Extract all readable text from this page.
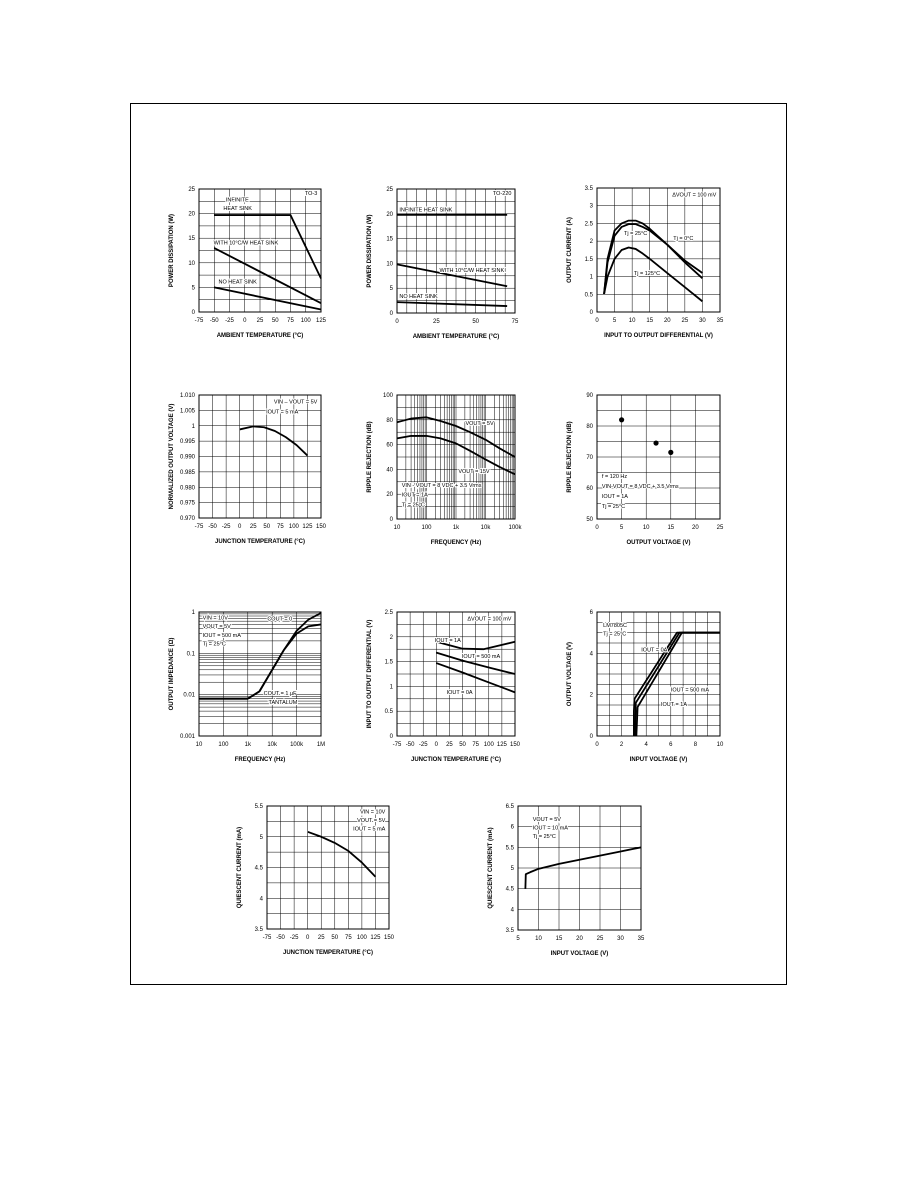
-75 -50 -25 0 25 50 75 100 125
0
5
10
15
20
25
AMBIENT TEMPERATURE (°C)
POWER DISSIPATION (W)
TO-3
INFINITE
HEAT SINK
WITH 10°C/W HEAT SINK
NO HEAT SINK
0	25	50	75
0
5
10
15
20
25
AMBIENT TEMPERATURE (°C)
POWER DISSIPATION (W)
TO-220
INFINITE HEAT SINK
WITH 10°C/W HEAT SINK
NO HEAT SINK
0 5 10 15 20 25 30 35
0
0.5
1
1.5
2
2.5
3
3.5
INPUT TO OUTPUT DIFFERENTIAL (V)
OUTPUT CURRENT (A)
ΔVOUT = 100 mV
Tj = 25°C
Tj = 0°C
Tj = 125°C
-75 -50 -25 0 25 50 75 100 125 150
0.970
0.975
0.980
0.985
0.990
0.995
1
1.005
1.010
JUNCTION TEMPERATURE (°C)
NORMALIZED OUTPUT VOLTAGE (V)
VIN – VOUT = 5V
IOUT = 5 mA
10	100	1k	10k	100k
0
20
40
60
80
100
FREQUENCY (Hz)
RIPPLE REJECTION (dB)	VOUT = 5V
VOUT = 15V
VIN - VOUT = 8 VDC + 3.5 Vrms
IOUT = 1A
Tj = 25°C
0	5	10	15	20	25
50
60
70
80
90
OUTPUT VOLTAGE (V)
RIPPLE REJECTION (dB)	f = 120 Hz
VIN-VOUT = 8 VDC + 3.5 Vrms
IOUT = 1A
Tj = 25°C
10	100	1k	10k 100k 1M
0.001
0.01
0.1
1
FREQUENCY (Hz)
OUTPUT IMPEDANCE (Ω)
VIN = 10V
VOUT = 5V
IOUT = 500 mA
Tj = 25°C
COUT = 0
COUT = 1 μF
TANTALUM
-75 -50 -25 0 25 50 75 100 125 150
0
0.5
1
1.5
2
2.5
JUNCTION TEMPERATURE (°C)
INPUT TO OUTPUT DIFFERENTIAL (V)	ΔVOUT = 100 mV
IOUT = 1A
IOUT = 500 mA
IOUT = 0A
0	2	4	6	8	10
0
2
4
6
INPUT VOLTAGE (V)
OUTPUT VOLTAGE (V)
LM7805C
Tj = 25°C
IOUT = 0A
IOUT = 500 mA
IOUT = 1A
-75 -50 -25 0 25 50 75 100 125 150
3.5
4
4.5
5
5.5
JUNCTION TEMPERATURE (°C)
QUIESCENT CURRENT (mA)
VIN = 10V
VOUT = 5V
IOUT = 5 mA
5	10 15 20 25 30 35
3.5
4
4.5
5
5.5
6
6.5
INPUT VOLTAGE (V)
QUIESCENT CURRENT (mA)
VOUT = 5V
IOUT = 10 mA
Tj = 25°C
